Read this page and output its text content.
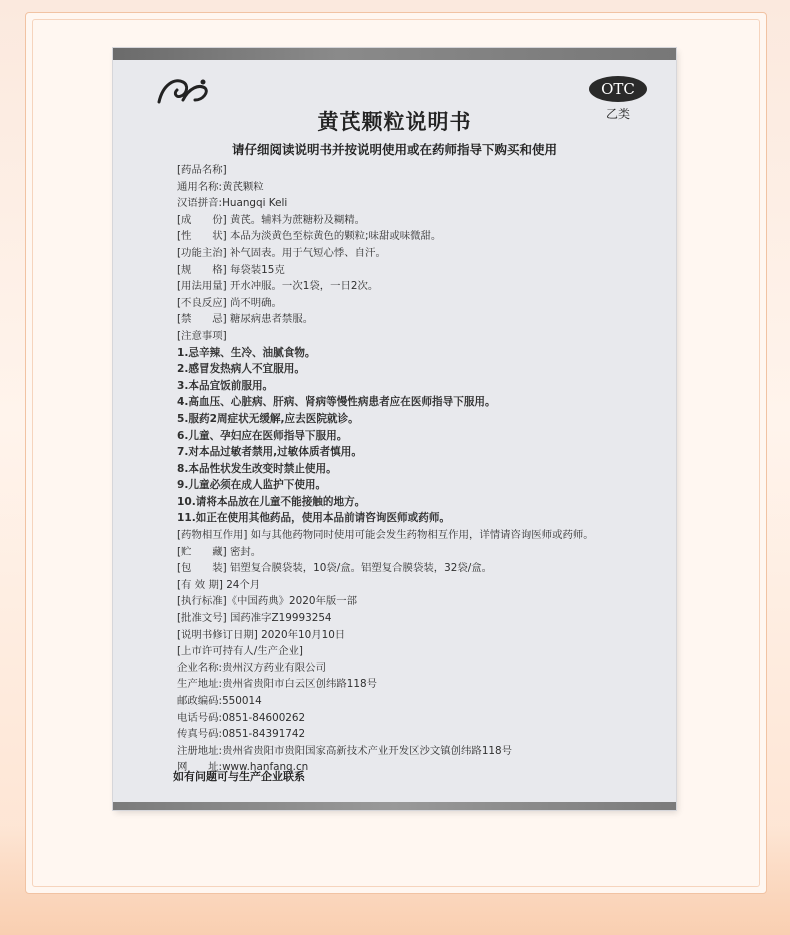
OTC
乙类
黄芪颗粒说明书
请仔细阅读说明书并按说明使用或在药师指导下购买和使用
[药品名称]
通用名称:黄芪颗粒
汉语拼音:Huangqi Keli
[成　　份] 黄芪。辅料为蔗糖粉及糊精。
[性　　状] 本品为淡黄色至棕黄色的颗粒;味甜或味微甜。
[功能主治] 补气固表。用于气短心悸、自汗。
[规　　格] 每袋装15克
[用法用量] 开水冲服。一次1袋，一日2次。
[不良反应] 尚不明确。
[禁　　忌] 糖尿病患者禁服。
[注意事项]
1.忌辛辣、生冷、油腻食物。
2.感冒发热病人不宜服用。
3.本品宜饭前服用。
4.高血压、心脏病、肝病、肾病等慢性病患者应在医师指导下服用。
5.服药2周症状无缓解,应去医院就诊。
6.儿童、孕妇应在医师指导下服用。
7.对本品过敏者禁用,过敏体质者慎用。
8.本品性状发生改变时禁止使用。
9.儿童必须在成人监护下使用。
10.请将本品放在儿童不能接触的地方。
11.如正在使用其他药品，使用本品前请咨询医师或药师。
[药物相互作用] 如与其他药物同时使用可能会发生药物相互作用，详情请咨询医师或药师。
[贮　　藏] 密封。
[包　　装] 铝塑复合膜袋装，10袋/盒。铝塑复合膜袋装，32袋/盒。
[有 效 期] 24个月
[执行标准]《中国药典》2020年版一部
[批准文号] 国药准字Z19993254
[说明书修订日期] 2020年10月10日
[上市许可持有人/生产企业]
企业名称:贵州汉方药业有限公司
生产地址:贵州省贵阳市白云区创纬路118号
邮政编码:550014
电话号码:0851-84600262
传真号码:0851-84391742
注册地址:贵州省贵阳市贵阳国家高新技术产业开发区沙文镇创纬路118号
网　　址:www.hanfang.cn
如有问题可与生产企业联系
